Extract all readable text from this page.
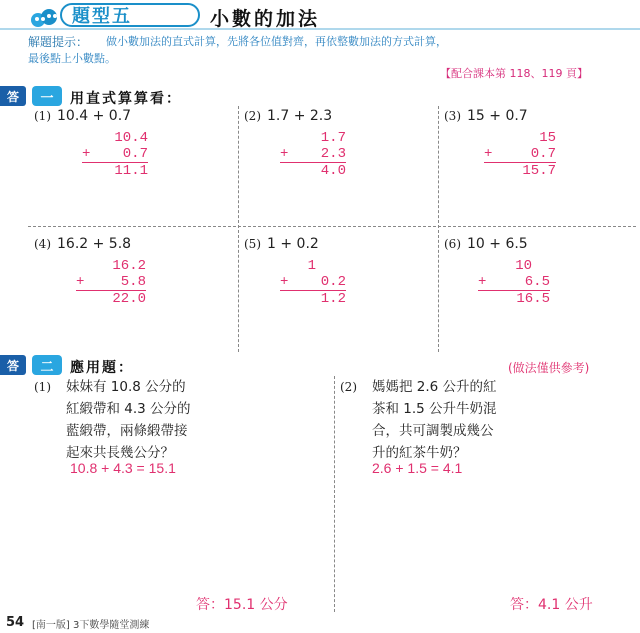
題型五	小數的加法
解題提示： 做小數加法的直式計算，先將各位值對齊，再依整數加法的方式計算，
最後點上小數點。
【配合課本第 118、119 頁】
答	一	用直式算算看：
(1) 10.4 + 0.7
10.4
+ 0.7
11.1
(2) 1.7 + 2.3
1.7
+ 2.3
4.0
(3) 15 + 0.7
15
+	0.7
15.7
(4) 16.2 + 5.8
16.2
+	5.8
22.0
(5) 1 + 0.2
1
+ 0.2
1.2
(6) 10 + 6.5
10
+	6.5
16.5
答	二	應用題：	(做法僅供參考)
(1)	妹妹有 10.8 公分的
紅緞帶和 4.3 公分的
藍緞帶，兩條緞帶接
起來共長幾公分？
10.8 + 4.3 = 15.1
答：15.1 公分
(2)	媽媽把 2.6 公升的紅
茶和 1.5 公升牛奶混
合，共可調製成幾公
升的紅茶牛奶？
2.6 + 1.5 = 4.1
答：4.1 公升
54 [南一版] 3下數學隨堂測練
